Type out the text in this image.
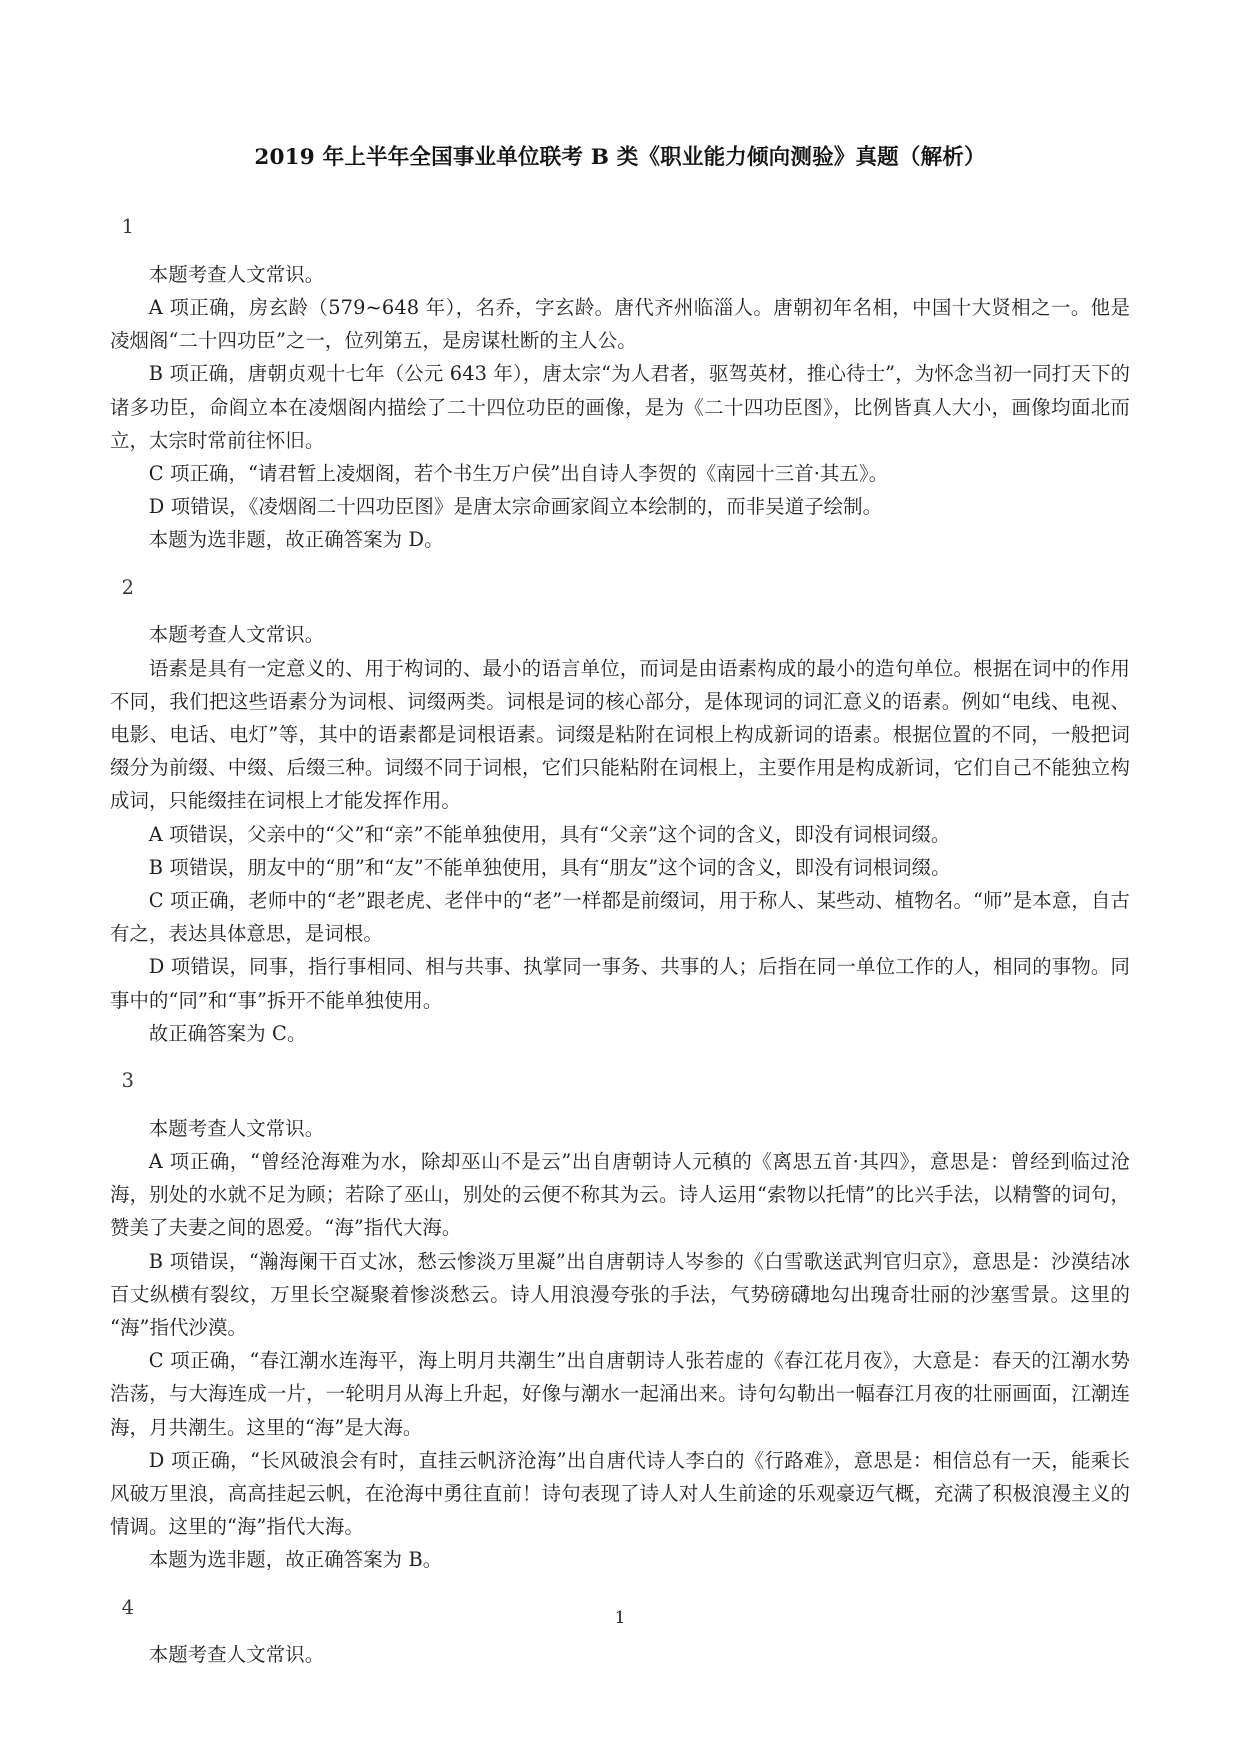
2019 年上半年全国事业单位联考 B 类《职业能力倾向测验》真题（解析）

1

本题考查人文常识。

A 项正确，房玄龄（579~648 年），名乔，字玄龄。唐代齐州临淄人。唐朝初年名相，中国十大贤相之一。他是凌烟阁“二十四功臣”之一，位列第五，是房谋杜断的主人公。

B 项正确，唐朝贞观十七年（公元 643 年），唐太宗“为人君者，驱驾英材，推心待士”，为怀念当初一同打天下的诸多功臣，命阎立本在凌烟阁内描绘了二十四位功臣的画像，是为《二十四功臣图》，比例皆真人大小，画像均面北而立，太宗时常前往怀旧。

C 项正确，“请君暂上凌烟阁，若个书生万户侯”出自诗人李贺的《南园十三首·其五》。

D 项错误，《凌烟阁二十四功臣图》是唐太宗命画家阎立本绘制的，而非吴道子绘制。

本题为选非题，故正确答案为 D。

2

本题考查人文常识。

语素是具有一定意义的、用于构词的、最小的语言单位，而词是由语素构成的最小的造句单位。根据在词中的作用不同，我们把这些语素分为词根、词缀两类。词根是词的核心部分，是体现词的词汇意义的语素。例如“电线、电视、电影、电话、电灯”等，其中的语素都是词根语素。词缀是粘附在词根上构成新词的语素。根据位置的不同，一般把词缀分为前缀、中缀、后缀三种。词缀不同于词根，它们只能粘附在词根上，主要作用是构成新词，它们自己不能独立构成词，只能缀挂在词根上才能发挥作用。

A 项错误，父亲中的“父”和“亲”不能单独使用，具有“父亲”这个词的含义，即没有词根词缀。

B 项错误，朋友中的“朋”和“友”不能单独使用，具有“朋友”这个词的含义，即没有词根词缀。

C 项正确，老师中的“老”跟老虎、老伴中的“老”一样都是前缀词，用于称人、某些动、植物名。“师”是本意，自古有之，表达具体意思，是词根。

D 项错误，同事，指行事相同、相与共事、执掌同一事务、共事的人；后指在同一单位工作的人，相同的事物。同事中的“同”和“事”拆开不能单独使用。

故正确答案为 C。

3

本题考查人文常识。

A 项正确，“曾经沧海难为水，除却巫山不是云”出自唐朝诗人元稹的《离思五首·其四》，意思是：曾经到临过沧海，别处的水就不足为顾；若除了巫山，别处的云便不称其为云。诗人运用“索物以托情”的比兴手法，以精警的词句，赞美了夫妻之间的恩爱。“海”指代大海。

B 项错误，“瀚海阑干百丈冰，愁云惨淡万里凝”出自唐朝诗人岑参的《白雪歌送武判官归京》，意思是：沙漠结冰百丈纵横有裂纹，万里长空凝聚着惨淡愁云。诗人用浪漫夸张的手法，气势磅礴地勾出瑰奇壮丽的沙塞雪景。这里的“海”指代沙漠。

C 项正确，“春江潮水连海平，海上明月共潮生”出自唐朝诗人张若虚的《春江花月夜》，大意是：春天的江潮水势浩荡，与大海连成一片，一轮明月从海上升起，好像与潮水一起涌出来。诗句勾勒出一幅春江月夜的壮丽画面，江潮连海，月共潮生。这里的“海”是大海。

D 项正确，“长风破浪会有时，直挂云帆济沧海”出自唐代诗人李白的《行路难》，意思是：相信总有一天，能乘长风破万里浪，高高挂起云帆，在沧海中勇往直前！诗句表现了诗人对人生前途的乐观豪迈气概，充满了积极浪漫主义的情调。这里的“海”指代大海。

本题为选非题，故正确答案为 B。

4

本题考查人文常识。

1
